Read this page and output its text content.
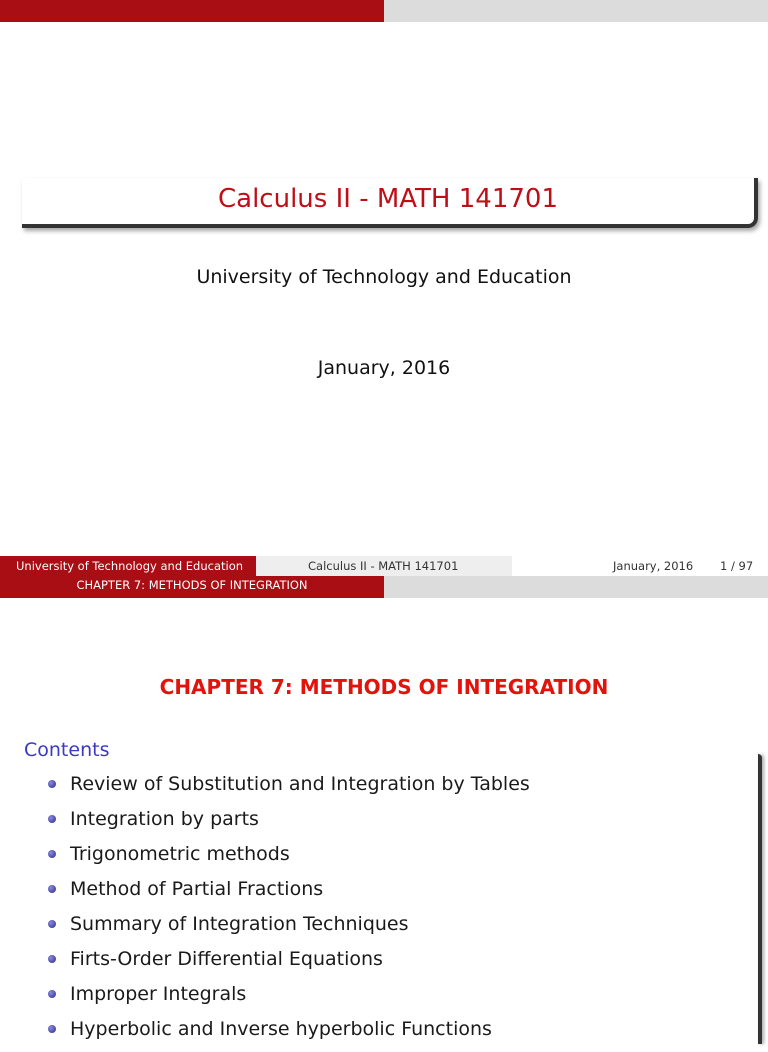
Calculus II - MATH 141701
University of Technology and Education
January, 2016
University of Technology and Education	Calculus II - MATH 141701	January, 2016 1 / 97
CHAPTER 7: METHODS OF INTEGRATION
CHAPTER 7: METHODS OF INTEGRATION
Contents
Review of Substitution and Integration by Tables
Integration by parts
Trigonometric methods
Method of Partial Fractions
Summary of Integration Techniques
Firts-Order Differential Equations
Improper Integrals
Hyperbolic and Inverse hyperbolic Functions
